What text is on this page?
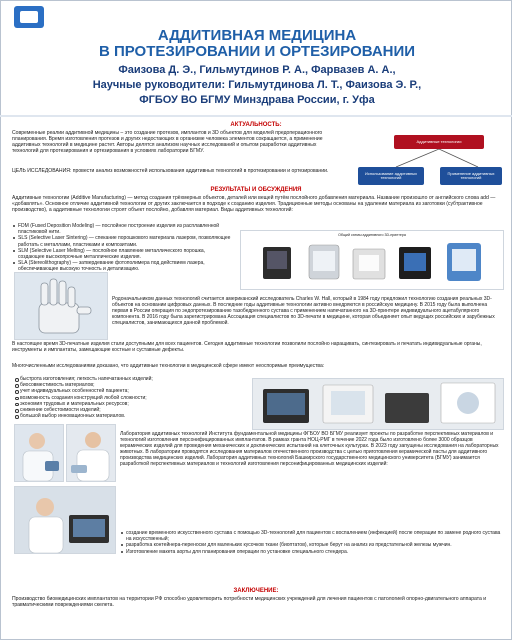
АДДИТИВНАЯ МЕДИЦИНА
В ПРОТЕЗИРОВАНИИ И ОРТЕЗИРОВАНИИ
Фаизова Д. Э., Гильмутдинов Р. А., Фарвазев А. А.,
Научные руководители: Гильмутдинова Л. Т., Фаизова Э. Р.,
ФГБОУ ВО БГМУ Минздрава России, г. Уфа
АКТУАЛЬНОСТЬ:
Современные реалии аддитивной медицины – это создание протезов, имплантов и 3D объектов для моделей предоперационного планирования. Время изготовления протезов и других недостающих в организме человека элементов сокращается, а применение аддитивных технологий в медицине растет. Авторы делятся анализом научных исследований и опытом разработки аддитивных технологий для протезирования и ортезирования в условиях лаборатории БГМУ.
ЦЕЛЬ ИССЛЕДОВАНИЯ: провести анализ возможностей использования аддитивных технологий в протезировании и ортезировании.
Аддитивные технологии
Использование аддитивных технологий
Применение аддитивных технологий
РЕЗУЛЬТАТЫ И ОБСУЖДЕНИЯ
Аддитивные технологии (Additive Manufacturing) — метод создания трёхмерных объектов, деталей или вещей путём послойного добавления материала. Название произошло от английского слова add — «добавлять». Основное отличие аддитивной технологии от других заключается в подходе к созданию изделия. Традиционные методы основаны на удалении материала из заготовки (субтрактивное производство), а аддитивные технологии строят объект послойно, добавляя материал. Виды аддитивных технологий:
FDM (Fused Deposition Modeling) — послойное построение изделия из расплавленной пластиковой нити.
SLS (Selective Laser Sintering) — спекание порошкового материала лазером, позволяющее работать с металлами, пластиками и композитами.
SLM (Selective Laser Melting) — послойное плавление металлического порошка, создающее высокопрочные металлические изделия.
SLA (Stereolithography) — затвердевание фотополимера под действием лазера, обеспечивающее высокую точность и детализацию.
Общий схемы аддитивного 3D-принтера
Родоначальником данных технологий считается американский исследователь Charles W. Hall, который в 1984 году предложил технологию создания реальных 3D-объектов на основании цифровых данных. В последние годы аддитивные технологии активно внедряются в российскую медицину. В 2015 году была выполнена первая в России операция по эндопротезированию тазобедренного сустава с применением напечатанного на 3D-принтере индивидуального ацетабулярного компонента. В 2016 году была зарегистрирована Ассоциация специалистов по 3D-печати в медицине, которая объединяет опыт ведущих российских и зарубежных специалистов, занимающихся данной проблемой.
В настоящее время 3D-печатные изделия стали доступными для всех пациентов. Сегодня аддитивные технологии позволили послойно наращивать, синтезировать и печатать индивидуальные органы, инструменты и имплантаты, замещающие костные и суставные дефекты.
Многочисленными исследованиями доказано, что аддитивные технологии в медицинской сфере имеют неоспоримые преимущества:
быстрота изготовления; легкость напечатанных изделий;
биосовместимость материалов;
учет индивидуальных особенностей пациента;
возможность создания конструкций любой сложности;
экономия трудовых и материальных ресурсов;
снижение себестоимости изделий;
большой выбор инновационных материалов.
Лаборатория аддитивных технологий Института фундаментальной медицины ФГБОУ ВО БГМУ реализует проекты по разработке перспективных материалов и технологий изготовления персонифицированных имплантатов. В рамках гранта НОЦ-РМГ в течение 2022 года было изготовлено более 3000 образцов керамических изделий для проведения механических и доклинических испытаний на клеточных культурах. В 2023 году запущены исследования на лабораторных животных. В лаборатории проводятся исследования материалов отечественного производства с целью приготовления керамической пасты для аддитивного производства медицинских изделий. Лаборатория аддитивных технологий Башкирского государственного медицинского университета (БГМУ) занимается разработкой перспективных материалов и технологий изготовления персонифицированных медицинских изделий:
создание временного искусственного сустава с помощью 3D-технологий для пациентов с воспалением (инфекцией) после операции по замене родного сустава на искусственный;
разработка контейнера-переноски для маленьких кусочков ткани (биоптатов), которые берут на анализ из предстательной железы мужчин.
Изготовление макета аорты для планирования операции по установке специального стендера.
ЗАКЛЮЧЕНИЕ:
Производство биомедицинских имплантатов на территории РФ способно удовлетворить потребности медицинских учреждений для лечения пациентов с патологией опорно-двигательного аппарата и травматическими повреждениями скелета.
